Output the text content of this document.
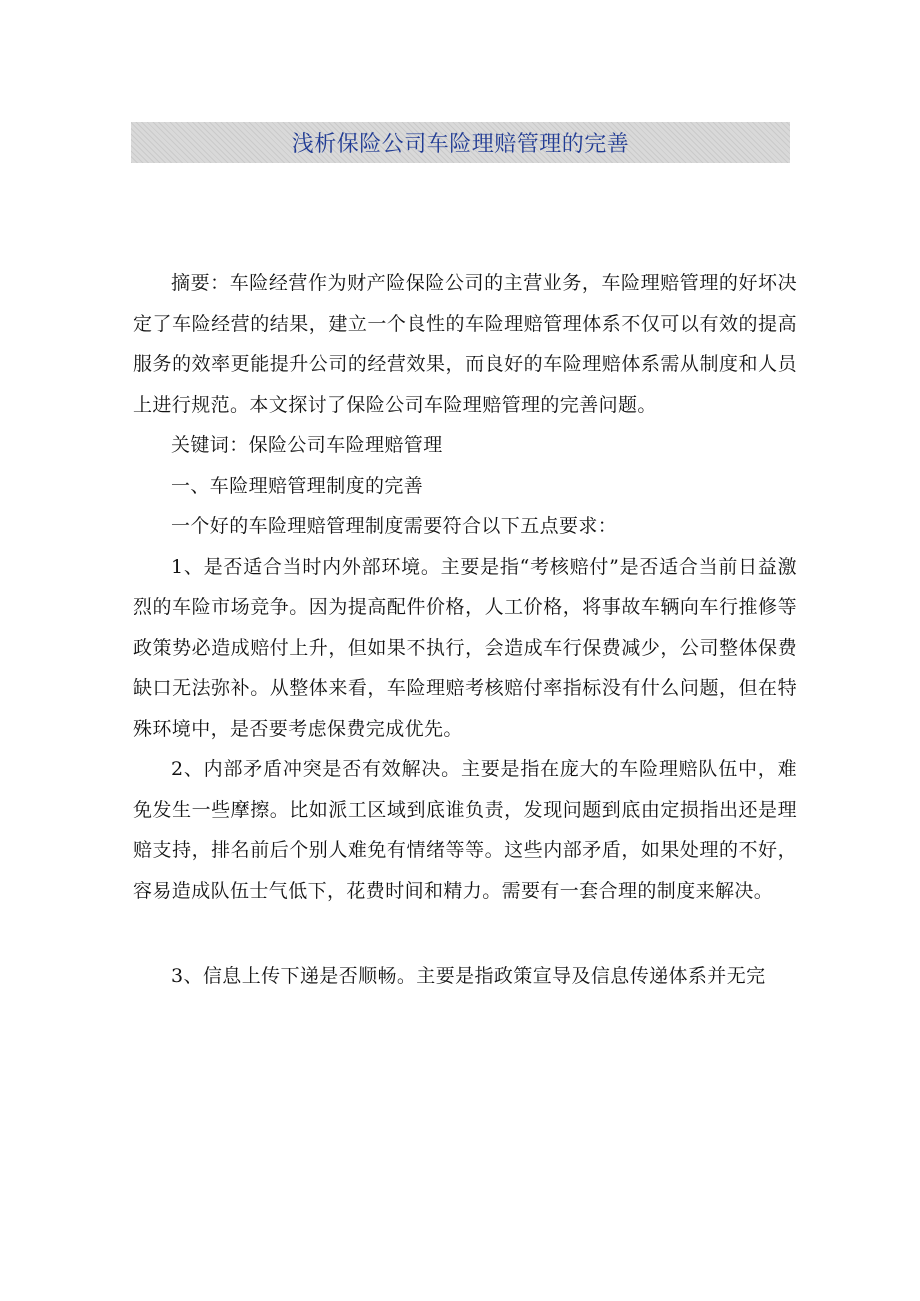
浅析保险公司车险理赔管理的完善

摘要：车险经营作为财产险保险公司的主营业务，车险理赔管理的好坏决定了车险经营的结果，建立一个良性的车险理赔管理体系不仅可以有效的提高服务的效率更能提升公司的经营效果，而良好的车险理赔体系需从制度和人员上进行规范。本文探讨了保险公司车险理赔管理的完善问题。

关键词：保险公司车险理赔管理

一、车险理赔管理制度的完善

一个好的车险理赔管理制度需要符合以下五点要求：

1、是否适合当时内外部环境。主要是指“考核赔付”是否适合当前日益激烈的车险市场竞争。因为提高配件价格，人工价格，将事故车辆向车行推修等政策势必造成赔付上升，但如果不执行，会造成车行保费减少，公司整体保费缺口无法弥补。从整体来看，车险理赔考核赔付率指标没有什么问题，但在特殊环境中，是否要考虑保费完成优先。

2、内部矛盾冲突是否有效解决。主要是指在庞大的车险理赔队伍中，难免发生一些摩擦。比如派工区域到底谁负责，发现问题到底由定损指出还是理赔支持，排名前后个别人难免有情绪等等。这些内部矛盾，如果处理的不好，容易造成队伍士气低下，花费时间和精力。需要有一套合理的制度来解决。

3、信息上传下递是否顺畅。主要是指政策宣导及信息传递体系并无完
